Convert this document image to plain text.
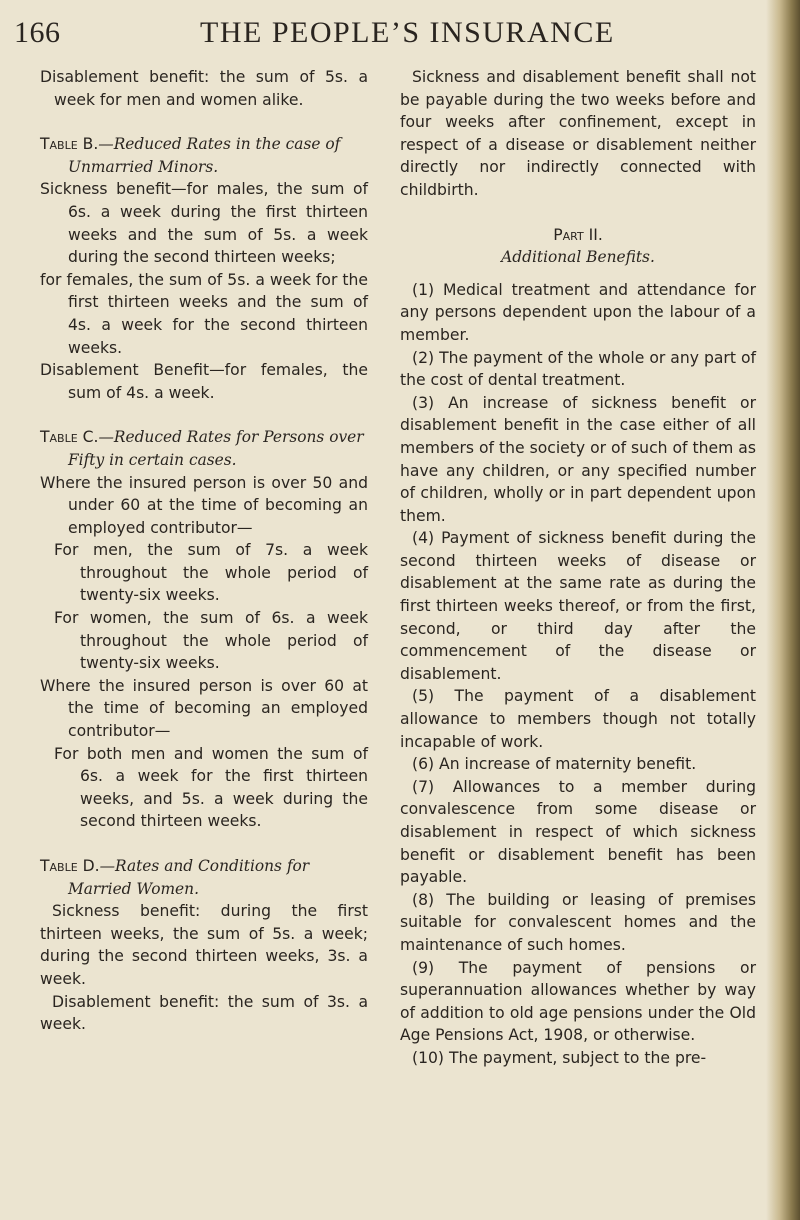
166	THE PEOPLE’S INSURANCE

Disablement benefit: the sum of 5s. a week for men and women alike.

Table B.—Reduced Rates in the case of Unmarried Minors.

Sickness benefit—for males, the sum of 6s. a week during the first thirteen weeks and the sum of 5s. a week during the second thirteen weeks;

for females, the sum of 5s. a week for the first thirteen weeks and the sum of 4s. a week for the second thirteen weeks.

Disablement Benefit—for females, the sum of 4s. a week.

Table C.—Reduced Rates for Persons over Fifty in certain cases.

Where the insured person is over 50 and under 60 at the time of becoming an employed contributor—

For men, the sum of 7s. a week throughout the whole period of twenty-six weeks.

For women, the sum of 6s. a week throughout the whole period of twenty-six weeks.

Where the insured person is over 60 at the time of becoming an employed contributor—

For both men and women the sum of 6s. a week for the first thirteen weeks, and 5s. a week during the second thirteen weeks.

Table D.—Rates and Conditions for Married Women.

Sickness benefit: during the first thirteen weeks, the sum of 5s. a week; during the second thirteen weeks, 3s. a week.

Disablement benefit: the sum of 3s. a week.

Sickness and disablement benefit shall not be payable during the two weeks before and four weeks after confinement, except in respect of a disease or disablement neither directly nor indirectly connected with childbirth.

Part II.

Additional Benefits.

(1) Medical treatment and attendance for any persons dependent upon the labour of a member.

(2) The payment of the whole or any part of the cost of dental treatment.

(3) An increase of sickness benefit or disablement benefit in the case either of all members of the society or of such of them as have any children, or any specified number of children, wholly or in part dependent upon them.

(4) Payment of sickness benefit during the second thirteen weeks of disease or disablement at the same rate as during the first thirteen weeks thereof, or from the first, second, or third day after the commencement of the disease or disablement.

(5) The payment of a disablement allowance to members though not totally incapable of work.

(6) An increase of maternity benefit.

(7) Allowances to a member during convalescence from some disease or disablement in respect of which sickness benefit or disablement benefit has been payable.

(8) The building or leasing of premises suitable for convalescent homes and the maintenance of such homes.

(9) The payment of pensions or superannuation allowances whether by way of addition to old age pensions under the Old Age Pensions Act, 1908, or otherwise.

(10) The payment, subject to the pre-
